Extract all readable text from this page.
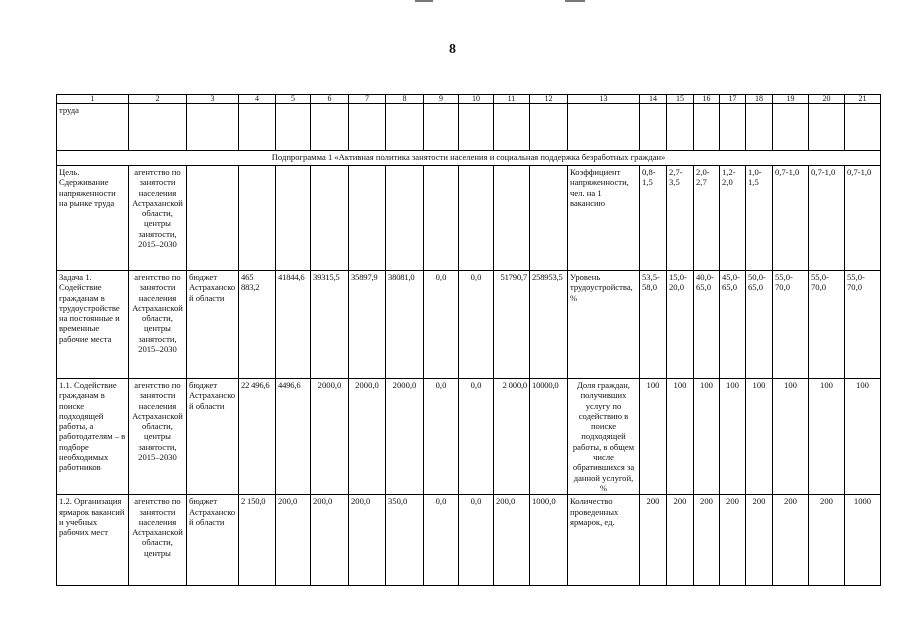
8
1	2	3	4	5	6	7	8	9	10	11	12	13	14	15	16	17	18	19	20	21
труда																				
Подпрограмма 1 «Активная политика занятости населения и социальная поддержка безработных граждан»																				
Цель. Сдерживание напряженности на рынке труда	агентство по занятости населения Астраханской области, центры занятости, 2015–2030											Коэффициент напряженности, чел. на 1 вакансию	0,8-1,5	2,7-3,5	2,0-2,7	1,2-2,0	1,0-1,5	0,7-1,0	0,7-1,0	0,7-1,0
Задача 1. Содействие гражданам в трудоустройстве на постоянные и временные рабочие места	агентство по занятости населения Астраханской области, центры занятости, 2015–2030	бюджет Астраханской области	465 883,2	41844,6	39315,5	35897,9	38081,0	0,0	0,0	51790,7	258953,5	Уровень трудоустройства, %	53,5-58,0	15,0-20,0	40,0-65,0	45,0-65,0	50,0-65,0	55,0-70,0	55,0-70,0	55,0-70,0
1.1. Содействие гражданам в поиске подходящей работы, а работодателям – в подборе необходимых работников	агентство по занятости населения Астраханской области, центры занятости, 2015–2030	бюджет Астраханской области	22 496,6	4496,6	2000,0	2000,0	2000,0	0,0	0,0	2 000,0	10000,0	Доля граждан, получивших услугу по содействию в поиске подходящей работы, в общем числе обратившихся за данной услугой, %	100	100	100	100	100	100	100	100
1.2. Организация ярмарок вакансий и учебных рабочих мест	агентство по занятости населения Астраханской области, центры	бюджет Астраханской области	2 150,0	200,0	200,0	200,0	350,0	0,0	0,0	200,0	1000,0	Количество проведенных ярмарок, ед.	200	200	200	200	200	200	200	1000
